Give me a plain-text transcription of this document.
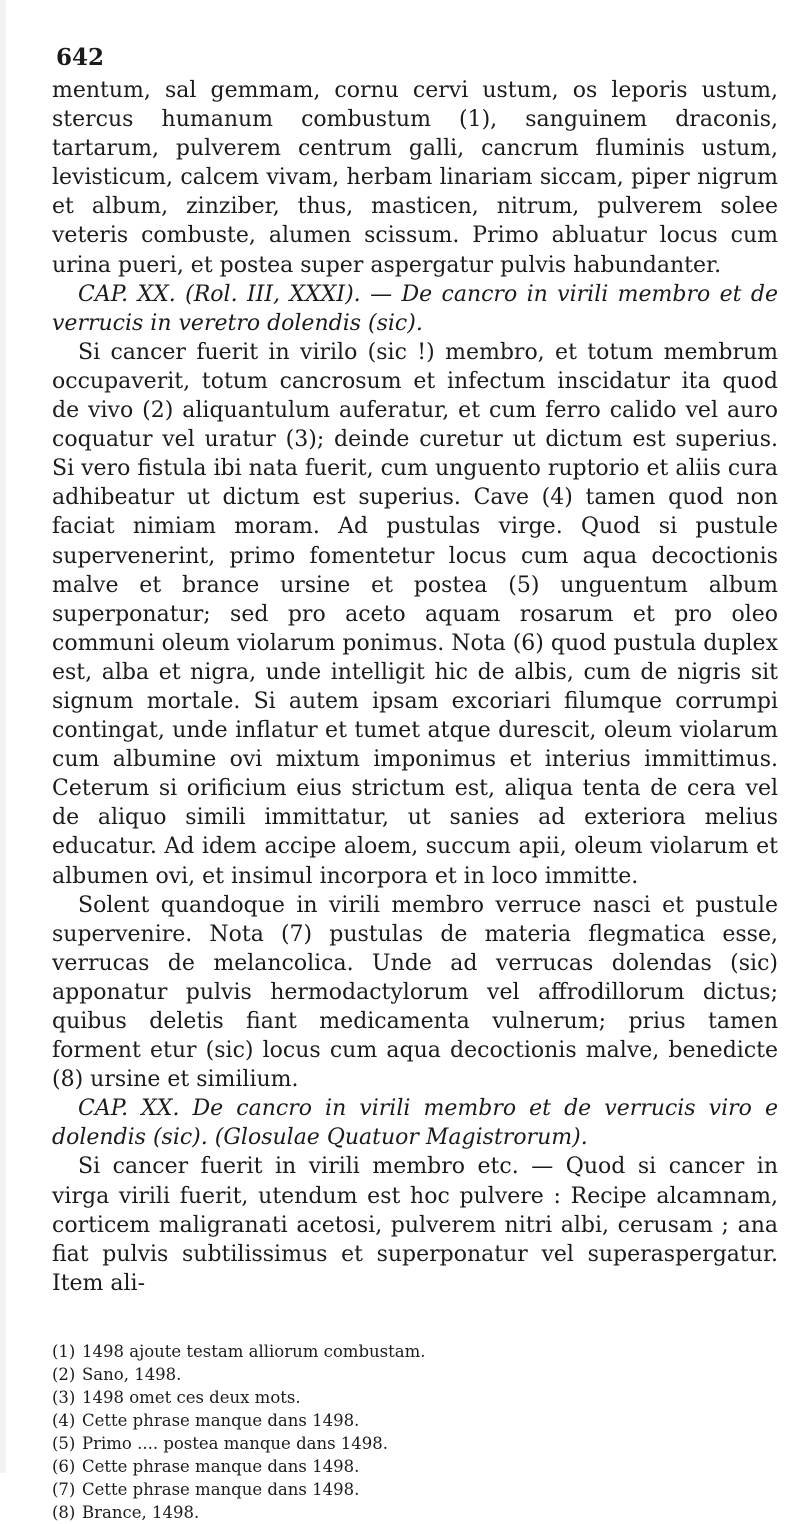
642

mentum, sal gemmam, cornu cervi ustum, os leporis ustum, stercus humanum combustum (1), sanguinem draconis, tartarum, pulverem centrum galli, cancrum fluminis ustum, levisticum, calcem vivam, herbam linariam siccam, piper nigrum et album, zinziber, thus, masticen, nitrum, pulverem solee veteris combuste, alumen scissum. Primo abluatur locus cum urina pueri, et postea super aspergatur pulvis habundanter.

CAP. XX. (Rol. III, XXXI). — De cancro in virili membro et de verrucis in veretro dolendis (sic).

Si cancer fuerit in virilo (sic !) membro, et totum membrum occupaverit, totum cancrosum et infectum inscidatur ita quod de vivo (2) aliquantulum auferatur, et cum ferro calido vel auro coquatur vel uratur (3); deinde curetur ut dictum est superius. Si vero fistula ibi nata fuerit, cum unguento ruptorio et aliis cura adhibeatur ut dictum est superius. Cave (4) tamen quod non faciat nimiam moram. Ad pustulas virge. Quod si pustule supervenerint, primo fomentetur locus cum aqua decoctionis malve et brance ursine et postea (5) unguentum album superponatur; sed pro aceto aquam rosarum et pro oleo communi oleum violarum ponimus. Nota (6) quod pustula duplex est, alba et nigra, unde intelligit hic de albis, cum de nigris sit signum mortale. Si autem ipsam excoriari filumque corrumpi contingat, unde inflatur et tumet atque durescit, oleum violarum cum albumine ovi mixtum imponimus et interius immittimus. Ceterum si orificium eius strictum est, aliqua tenta de cera vel de aliquo simili immittatur, ut sanies ad exteriora melius educatur. Ad idem accipe aloem, succum apii, oleum violarum et albumen ovi, et insimul incorpora et in loco immitte.

Solent quandoque in virili membro verruce nasci et pustule supervenire. Nota (7) pustulas de materia flegmatica esse, verrucas de melancolica. Unde ad verrucas dolendas (sic) apponatur pulvis hermodactylorum vel affrodillorum dictus; quibus deletis fiant medicamenta vulnerum; prius tamen forment etur (sic) locus cum aqua decoctionis malve, benedicte (8) ursine et similium.

CAP. XX. De cancro in virili membro et de verrucis viro e dolendis (sic). (Glosulae Quatuor Magistrorum).

Si cancer fuerit in virili membro etc. — Quod si cancer in virga virili fuerit, utendum est hoc pulvere : Recipe alcamnam, corticem maligranati acetosi, pulverem nitri albi, cerusam ; ana fiat pulvis subtilissimus et superponatur vel superaspergatur. Item ali-

(1) 1498 ajoute testam alliorum combustam.
(2) Sano, 1498.
(3) 1498 omet ces deux mots.
(4) Cette phrase manque dans 1498.
(5) Primo .... postea manque dans 1498.
(6) Cette phrase manque dans 1498.
(7) Cette phrase manque dans 1498.
(8) Brance, 1498.
